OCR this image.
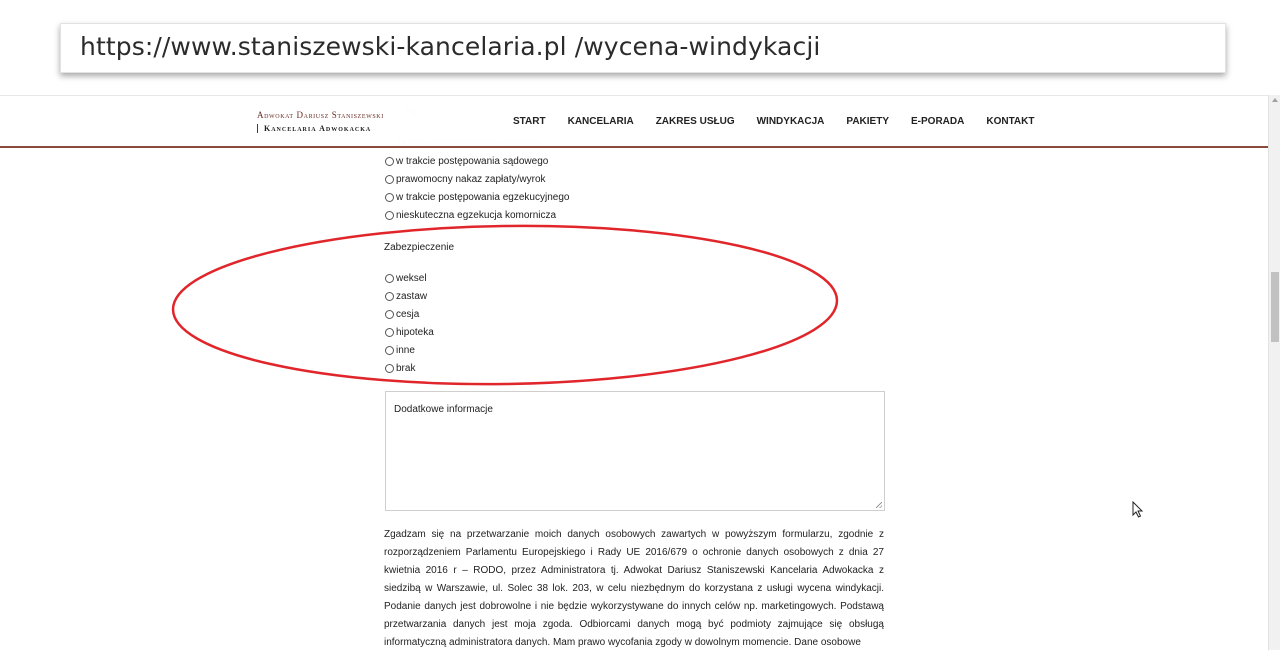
https://www.staniszewski-kancelaria.pl /wycena-windykacji
w trakcie postępowania sądowego
prawomocny nakaz zapłaty/wyrok
w trakcie postępowania egzekucyjnego
nieskuteczna egzekucja komornicza
Zabezpieczenie
weksel
zastaw
cesja
hipoteka
inne
brak
Dodatkowe informacje
Zgadzam się na przetwarzanie moich danych osobowych zawartych w powyższym formularzu, zgodnie z rozporządzeniem Parlamentu Europejskiego i Rady UE 2016/679 o ochronie danych osobowych z dnia 27 kwietnia 2016 r – RODO, przez Administratora tj. Adwokat Dariusz Staniszewski Kancelaria Adwokacka z siedzibą w Warszawie, ul. Solec 38 lok. 203, w celu niezbędnym do korzystana z usługi wycena windykacji. Podanie danych jest dobrowolne i nie będzie wykorzystywane do innych celów np. marketingowych. Podstawą przetwarzania danych jest moja zgoda. Odbiorcami danych mogą być podmioty zajmujące się obsługą informatyczną administratora danych. Mam prawo wycofania zgody w dowolnym momencie. Dane osobowe
Adwokat Dariusz Staniszewski
Kancelaria Adwokacka
START KANCELARIA ZAKRES USŁUG WINDYKACJA PAKIETY E-PORADA KONTAKT
